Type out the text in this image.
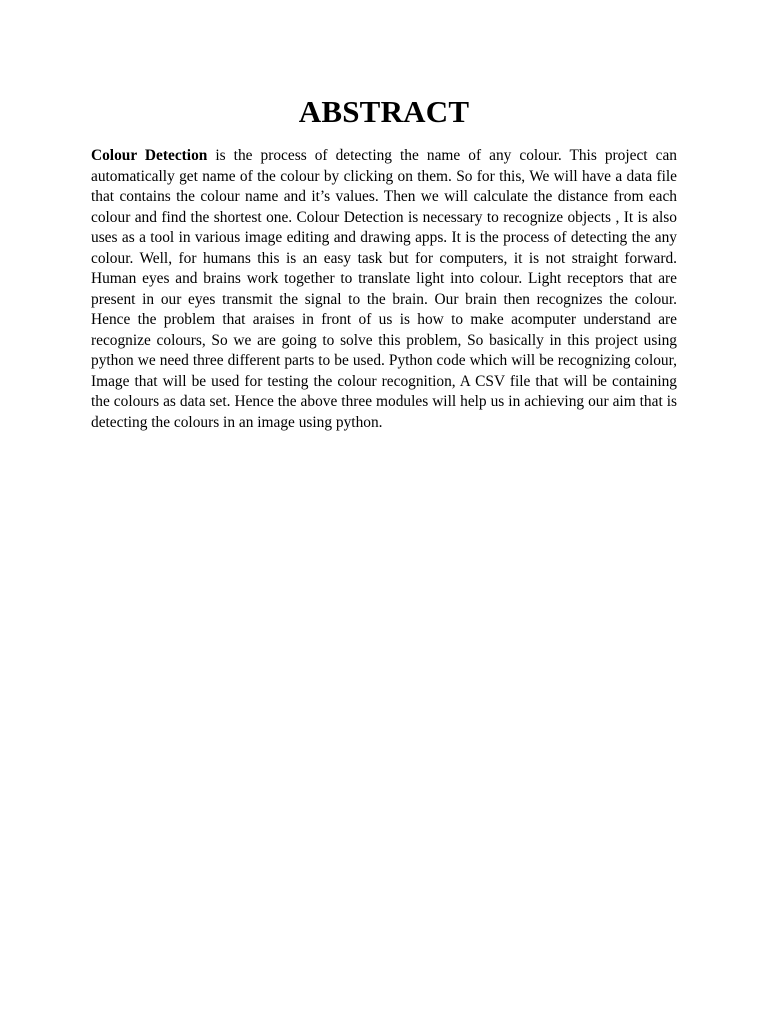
ABSTRACT

Colour Detection is the process of detecting the name of any colour. This project can automatically get name of the colour by clicking on them. So for this, We will have a data file that contains the colour name and it’s values. Then we will calculate the distance from each colour and find the shortest one. Colour Detection is necessary to recognize objects , It is also uses as a tool in various image editing and drawing apps. It is the process of detecting the any colour. Well, for humans this is an easy task but for computers, it is not straight forward. Human eyes and brains work together to translate light into colour. Light receptors that are present in our eyes transmit the signal to the brain. Our brain then recognizes the colour. Hence the problem that araises in front of us is how to make acomputer understand are recognize colours, So we are going to solve this problem, So basically in this project using python we need three different parts to be used. Python code which will be recognizing colour, Image that will be used for testing the colour recognition, A CSV file that will be containing the colours as data set. Hence the above three modules will help us in achieving our aim that is detecting the colours in an image using python.
